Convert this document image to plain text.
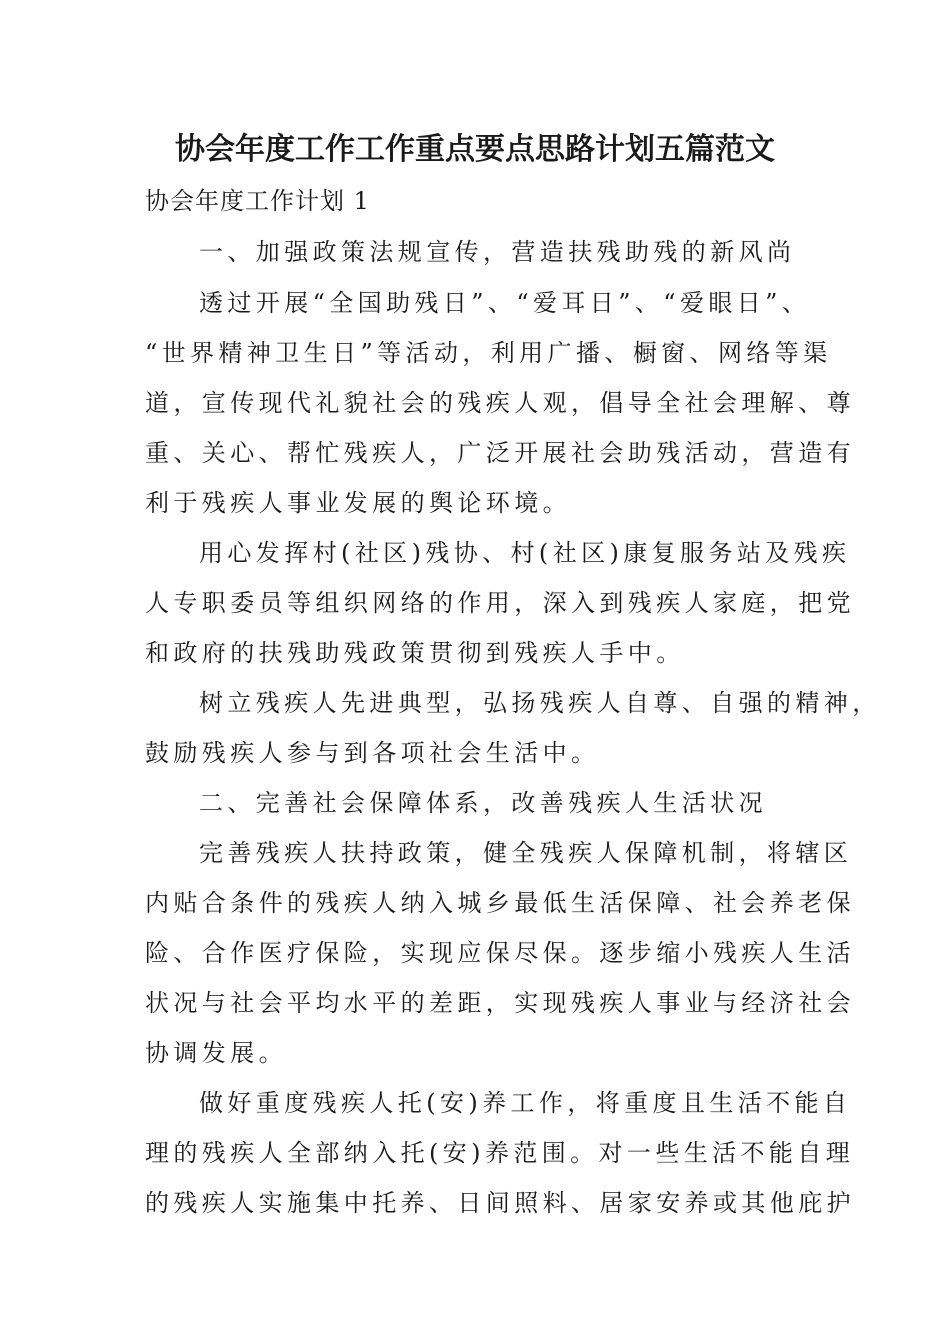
协会年度工作工作重点要点思路计划五篇范文
协会年度工作计划 1
一、加强政策法规宣传，营造扶残助残的新风尚
透过开展“全国助残日”、“爱耳日”、“爱眼日”、
“世界精神卫生日”等活动，利用广播、橱窗、网络等渠
道，宣传现代礼貌社会的残疾人观，倡导全社会理解、尊
重、关心、帮忙残疾人，广泛开展社会助残活动，营造有
利于残疾人事业发展的舆论环境。
用心发挥村(社区)残协、村(社区)康复服务站及残疾
人专职委员等组织网络的作用，深入到残疾人家庭，把党
和政府的扶残助残政策贯彻到残疾人手中。
树立残疾人先进典型，弘扬残疾人自尊、自强的精神，
鼓励残疾人参与到各项社会生活中。
二、完善社会保障体系，改善残疾人生活状况
完善残疾人扶持政策，健全残疾人保障机制，将辖区
内贴合条件的残疾人纳入城乡最低生活保障、社会养老保
险、合作医疗保险，实现应保尽保。逐步缩小残疾人生活
状况与社会平均水平的差距，实现残疾人事业与经济社会
协调发展。
做好重度残疾人托(安)养工作，将重度且生活不能自
理的残疾人全部纳入托(安)养范围。对一些生活不能自理
的残疾人实施集中托养、日间照料、居家安养或其他庇护
